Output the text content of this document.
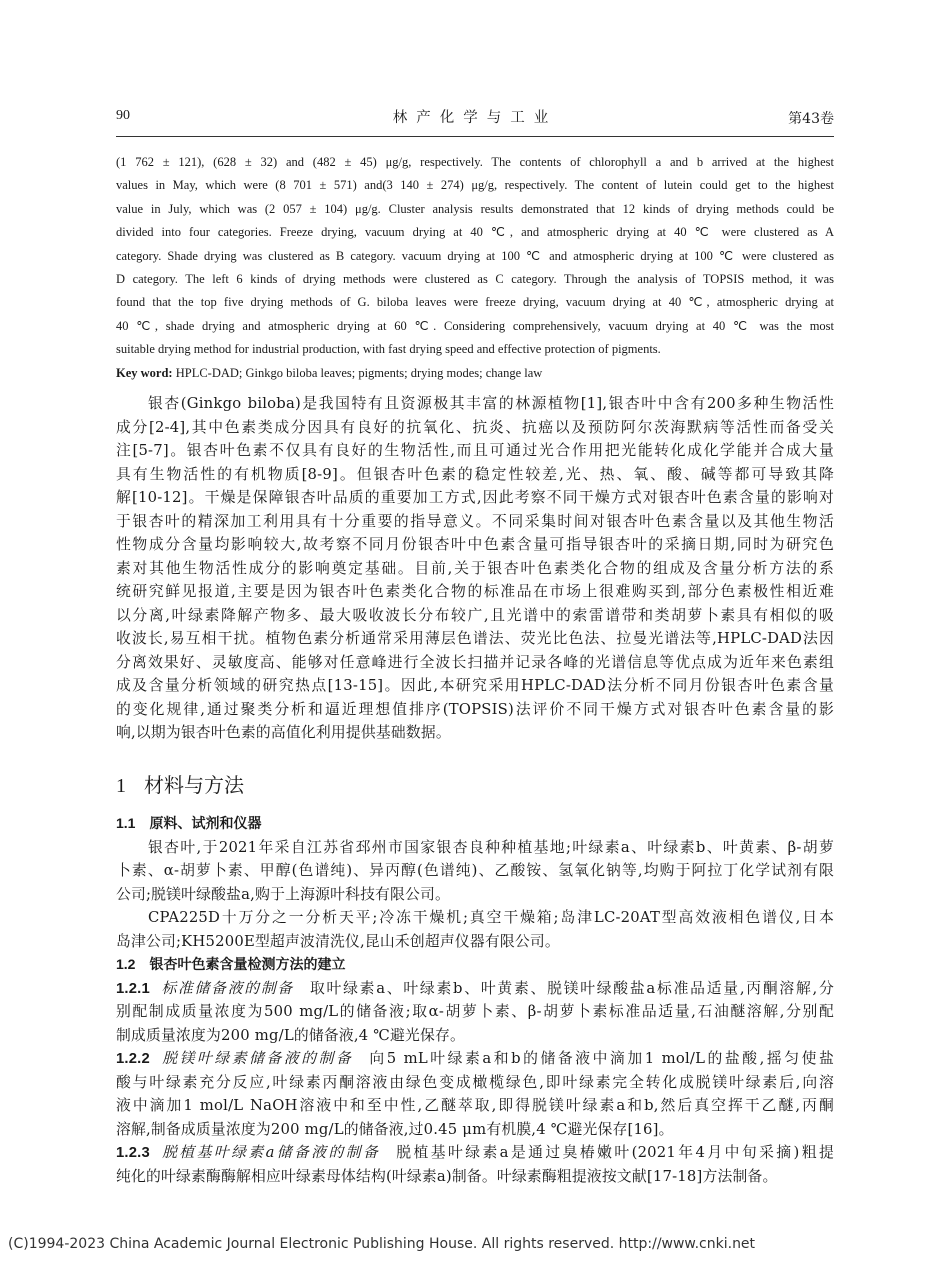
90	林产化学与工业	第43卷
(1 762 ± 121), (628 ± 32) and (482 ± 45) μg/g, respectively. The contents of chlorophyll a and b arrived at the highest
values in May, which were (8 701 ± 571) and(3 140 ± 274) μg/g, respectively. The content of lutein could get to the highest
value in July, which was (2 057 ± 104) μg/g. Cluster analysis results demonstrated that 12 kinds of drying methods could be
divided into four categories. Freeze drying, vacuum drying at 40 ℃, and atmospheric drying at 40 ℃ were clustered as A
category. Shade drying was clustered as B category. vacuum drying at 100 ℃ and atmospheric drying at 100 ℃ were clustered as
D category. The left 6 kinds of drying methods were clustered as C category. Through the analysis of TOPSIS method, it was
found that the top five drying methods of G. biloba leaves were freeze drying, vacuum drying at 40 ℃, atmospheric drying at
40 ℃, shade drying and atmospheric drying at 60 ℃. Considering comprehensively, vacuum drying at 40 ℃ was the most
suitable drying method for industrial production, with fast drying speed and effective protection of pigments.
Key word: HPLC-DAD; Ginkgo biloba leaves; pigments; drying modes; change law
银杏(Ginkgo biloba)是我国特有且资源极其丰富的林源植物[1],银杏叶中含有200多种生物活性
成分[2-4],其中色素类成分因具有良好的抗氧化、抗炎、抗癌以及预防阿尔茨海默病等活性而备受关
注[5-7]。银杏叶色素不仅具有良好的生物活性,而且可通过光合作用把光能转化成化学能并合成大量
具有生物活性的有机物质[8-9]。但银杏叶色素的稳定性较差,光、热、氧、酸、碱等都可导致其降
解[10-12]。干燥是保障银杏叶品质的重要加工方式,因此考察不同干燥方式对银杏叶色素含量的影响对
于银杏叶的精深加工利用具有十分重要的指导意义。不同采集时间对银杏叶色素含量以及其他生物活
性物成分含量均影响较大,故考察不同月份银杏叶中色素含量可指导银杏叶的采摘日期,同时为研究色
素对其他生物活性成分的影响奠定基础。目前,关于银杏叶色素类化合物的组成及含量分析方法的系
统研究鲜见报道,主要是因为银杏叶色素类化合物的标准品在市场上很难购买到,部分色素极性相近难
以分离,叶绿素降解产物多、最大吸收波长分布较广,且光谱中的索雷谱带和类胡萝卜素具有相似的吸
收波长,易互相干扰。植物色素分析通常采用薄层色谱法、荧光比色法、拉曼光谱法等,HPLC-DAD法因
分离效果好、灵敏度高、能够对任意峰进行全波长扫描并记录各峰的光谱信息等优点成为近年来色素组
成及含量分析领域的研究热点[13-15]。因此,本研究采用HPLC-DAD法分析不同月份银杏叶色素含量
的变化规律,通过聚类分析和逼近理想值排序(TOPSIS)法评价不同干燥方式对银杏叶色素含量的影
响,以期为银杏叶色素的高值化利用提供基础数据。
1 材料与方法
1.1 原料、试剂和仪器
银杏叶,于2021年采自江苏省邳州市国家银杏良种种植基地;叶绿素a、叶绿素b、叶黄素、β-胡萝
卜素、α-胡萝卜素、甲醇(色谱纯)、异丙醇(色谱纯)、乙酸铵、氢氧化钠等,均购于阿拉丁化学试剂有限
公司;脱镁叶绿酸盐a,购于上海源叶科技有限公司。
CPA225D十万分之一分析天平;冷冻干燥机;真空干燥箱;岛津LC-20AT型高效液相色谱仪,日本
岛津公司;KH5200E型超声波清洗仪,昆山禾创超声仪器有限公司。
1.2 银杏叶色素含量检测方法的建立
1.2.1 标准储备液的制备 取叶绿素a、叶绿素b、叶黄素、脱镁叶绿酸盐a标准品适量,丙酮溶解,分
别配制成质量浓度为500 mg/L的储备液;取α-胡萝卜素、β-胡萝卜素标准品适量,石油醚溶解,分别配
制成质量浓度为200 mg/L的储备液,4 ℃避光保存。
1.2.2 脱镁叶绿素储备液的制备 向5 mL叶绿素a和b的储备液中滴加1 mol/L的盐酸,摇匀使盐
酸与叶绿素充分反应,叶绿素丙酮溶液由绿色变成橄榄绿色,即叶绿素完全转化成脱镁叶绿素后,向溶
液中滴加1 mol/L NaOH溶液中和至中性,乙醚萃取,即得脱镁叶绿素a和b,然后真空挥干乙醚,丙酮
溶解,制备成质量浓度为200 mg/L的储备液,过0.45 μm有机膜,4 ℃避光保存[16]。
1.2.3 脱植基叶绿素a储备液的制备 脱植基叶绿素a是通过臭椿嫩叶(2021年4月中旬采摘)粗提
纯化的叶绿素酶酶解相应叶绿素母体结构(叶绿素a)制备。叶绿素酶粗提液按文献[17-18]方法制备。
(C)1994-2023 China Academic Journal Electronic Publishing House. All rights reserved. http://www.cnki.net
